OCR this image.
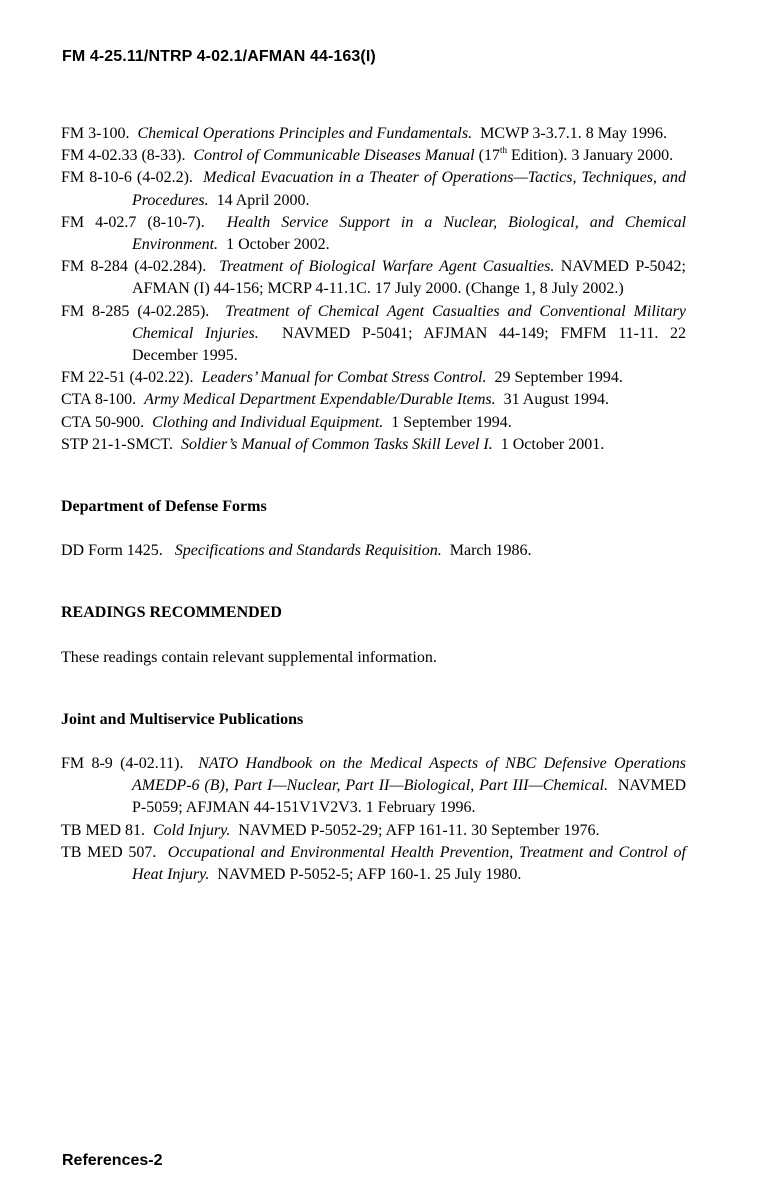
FM 4-25.11/NTRP 4-02.1/AFMAN 44-163(I)

FM 3-100. Chemical Operations Principles and Fundamentals. MCWP 3-3.7.1. 8 May 1996.

FM 4-02.33 (8-33). Control of Communicable Diseases Manual (17th Edition). 3 January 2000.

FM 8-10-6 (4-02.2). Medical Evacuation in a Theater of Operations—Tactics, Techniques, and Procedures. 14 April 2000.

FM 4-02.7 (8-10-7). Health Service Support in a Nuclear, Biological, and Chemical Environment. 1 October 2002.

FM 8-284 (4-02.284). Treatment of Biological Warfare Agent Casualties. NAVMED P-5042; AFMAN (I) 44-156; MCRP 4-11.1C. 17 July 2000. (Change 1, 8 July 2002.)

FM 8-285 (4-02.285). Treatment of Chemical Agent Casualties and Conventional Military Chemical Injuries. NAVMED P-5041; AFJMAN 44-149; FMFM 11-11. 22 December 1995.

FM 22-51 (4-02.22). Leaders’ Manual for Combat Stress Control. 29 September 1994.

CTA 8-100. Army Medical Department Expendable/Durable Items. 31 August 1994.

CTA 50-900. Clothing and Individual Equipment. 1 September 1994.

STP 21-1-SMCT. Soldier’s Manual of Common Tasks Skill Level I. 1 October 2001.

Department of Defense Forms

DD Form 1425. Specifications and Standards Requisition. March 1986.

READINGS RECOMMENDED

These readings contain relevant supplemental information.

Joint and Multiservice Publications

FM 8-9 (4-02.11). NATO Handbook on the Medical Aspects of NBC Defensive Operations AMEDP-6 (B), Part I—Nuclear, Part II—Biological, Part III—Chemical. NAVMED P-5059; AFJMAN 44-151V1V2V3. 1 February 1996.

TB MED 81. Cold Injury. NAVMED P-5052-29; AFP 161-11. 30 September 1976.

TB MED 507. Occupational and Environmental Health Prevention, Treatment and Control of Heat Injury. NAVMED P-5052-5; AFP 160-1. 25 July 1980.

References-2
